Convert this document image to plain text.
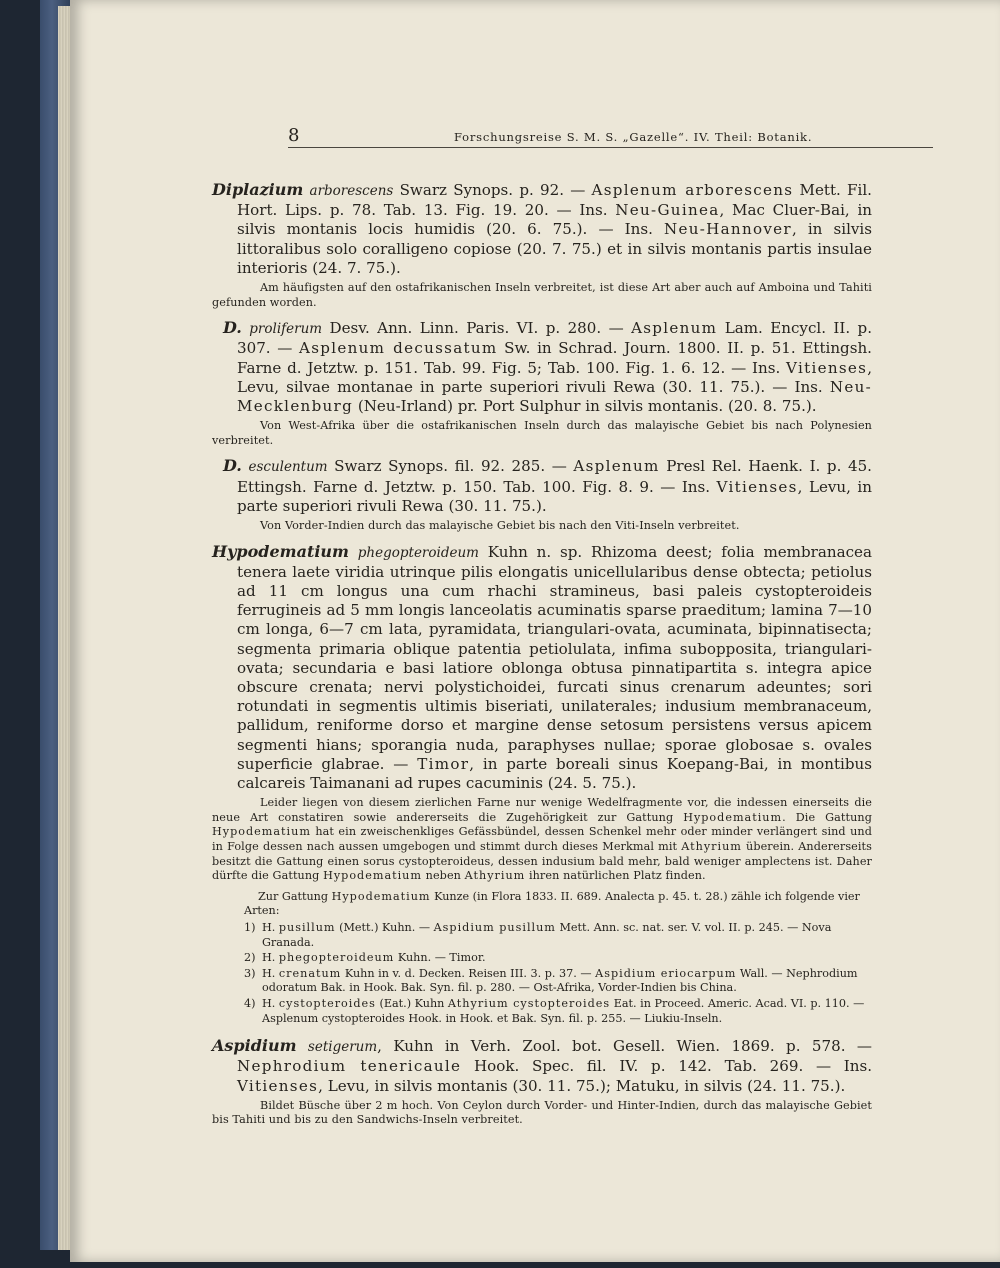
8	Forschungsreise S. M. S. „Gazelle“. IV. Theil: Botanik.

Diplazium arborescens Swarz Synops. p. 92. — Asplenum arborescens Mett. Fil. Hort. Lips. p. 78. Tab. 13. Fig. 19. 20. — Ins. Neu-Guinea, Mac Cluer-Bai, in silvis montanis locis humidis (20. 6. 75.). — Ins. Neu-Hannover, in silvis littoralibus solo coralligeno copiose (20. 7. 75.) et in silvis montanis partis insulae interioris (24. 7. 75.).

Am häufigsten auf den ostafrikanischen Inseln verbreitet, ist diese Art aber auch auf Amboina und Tahiti gefunden worden.

D. proliferum Desv. Ann. Linn. Paris. VI. p. 280. — Asplenum Lam. Encycl. II. p. 307. — Asplenum decussatum Sw. in Schrad. Journ. 1800. II. p. 51. Ettingsh. Farne d. Jetztw. p. 151. Tab. 99. Fig. 5; Tab. 100. Fig. 1. 6. 12. — Ins. Vitienses, Levu, silvae montanae in parte superiori rivuli Rewa (30. 11. 75.). — Ins. Neu-Mecklenburg (Neu-Irland) pr. Port Sulphur in silvis montanis. (20. 8. 75.).

Von West-Afrika über die ostafrikanischen Inseln durch das malayische Gebiet bis nach Polynesien verbreitet.

D. esculentum Swarz Synops. fil. 92. 285. — Asplenum Presl Rel. Haenk. I. p. 45. Ettingsh. Farne d. Jetztw. p. 150. Tab. 100. Fig. 8. 9. — Ins. Vitienses, Levu, in parte superiori rivuli Rewa (30. 11. 75.).

Von Vorder-Indien durch das malayische Gebiet bis nach den Viti-Inseln verbreitet.

Hypodematium phegopteroideum Kuhn n. sp. Rhizoma deest; folia membranacea tenera laete viridia utrinque pilis elongatis unicellularibus dense obtecta; petiolus ad 11 cm longus una cum rhachi stramineus, basi paleis cystopteroideis ferrugineis ad 5 mm longis lanceolatis acuminatis sparse praeditum; lamina 7—10 cm longa, 6—7 cm lata, pyramidata, triangulari-ovata, acuminata, bipinnatisecta; segmenta primaria oblique patentia petiolulata, infima subopposita, triangulari-ovata; secundaria e basi latiore oblonga obtusa pinnatipartita s. integra apice obscure crenata; nervi polystichoidei, furcati sinus crenarum adeuntes; sori rotundati in segmentis ultimis biseriati, unilaterales; indusium membranaceum, pallidum, reniforme dorso et margine dense setosum persistens versus apicem segmenti hians; sporangia nuda, paraphyses nullae; sporae globosae s. ovales superficie glabrae. — Timor, in parte boreali sinus Koepang-Bai, in montibus calcareis Taimanani ad rupes cacuminis (24. 5. 75.).

Leider liegen von diesem zierlichen Farne nur wenige Wedelfragmente vor, die indessen einerseits die neue Art constatiren sowie andererseits die Zugehörigkeit zur Gattung Hypodematium. Die Gattung Hypodematium hat ein zweischenkliges Gefässbündel, dessen Schenkel mehr oder minder verlängert sind und in Folge dessen nach aussen umgebogen und stimmt durch dieses Merkmal mit Athyrium überein. Andererseits besitzt die Gattung einen sorus cystopteroideus, dessen indusium bald mehr, bald weniger amplectens ist. Daher dürfte die Gattung Hypodematium neben Athyrium ihren natürlichen Platz finden.

Zur Gattung Hypodematium Kunze (in Flora 1833. II. 689. Analecta p. 45. t. 28.) zähle ich folgende vier Arten:

1) H. pusillum (Mett.) Kuhn. — Aspidium pusillum Mett. Ann. sc. nat. ser. V. vol. II. p. 245. — Nova Granada.

2) H. phegopteroideum Kuhn. — Timor.

3) H. crenatum Kuhn in v. d. Decken. Reisen III. 3. p. 37. — Aspidium eriocarpum Wall. — Nephrodium odoratum Bak. in Hook. Bak. Syn. fil. p. 280. — Ost-Afrika, Vorder-Indien bis China.

4) H. cystopteroides (Eat.) Kuhn Athyrium cystopteroides Eat. in Proceed. Americ. Acad. VI. p. 110. — Asplenum cystopteroides Hook. in Hook. et Bak. Syn. fil. p. 255. — Liukiu-Inseln.

Aspidium setigerum, Kuhn in Verh. Zool. bot. Gesell. Wien. 1869. p. 578. — Nephrodium tenericaule Hook. Spec. fil. IV. p. 142. Tab. 269. — Ins. Vitienses, Levu, in silvis montanis (30. 11. 75.); Matuku, in silvis (24. 11. 75.).

Bildet Büsche über 2 m hoch. Von Ceylon durch Vorder- und Hinter-Indien, durch das malayische Gebiet bis Tahiti und bis zu den Sandwichs-Inseln verbreitet.
